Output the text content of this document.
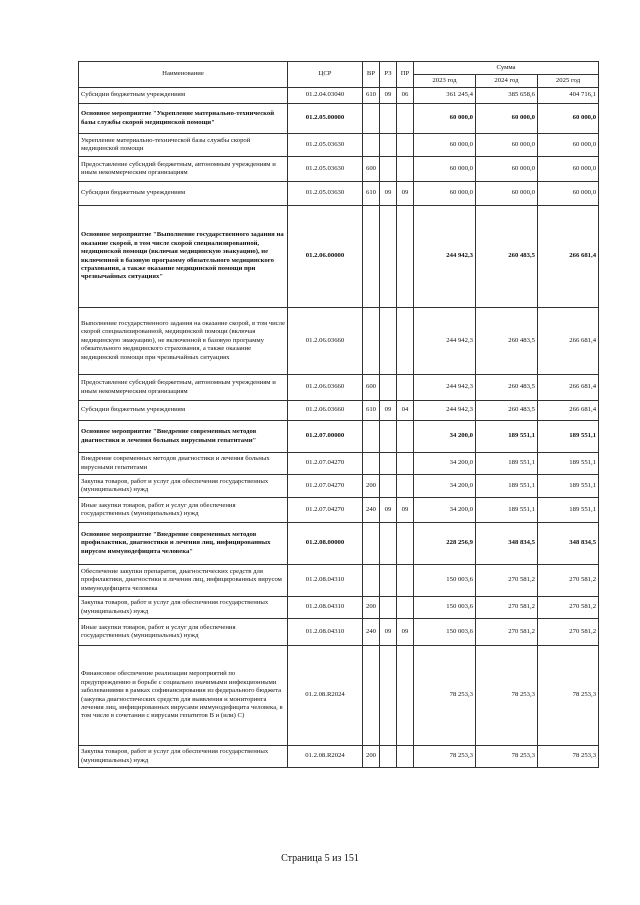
Наименование	ЦСР	ВР	РЗ	ПР	Сумма		
					2023 год	2024 год	2025 год
Субсидии бюджетным учреждениям	01.2.04.03040	610	09	06	361 245,4	385 658,6	404 716,1
Основное мероприятие "Укрепление материально-технической базы службы скорой медицинской помощи"	01.2.05.00000				60 000,0	60 000,0	60 000,0
Укрепление материально-технической базы службы скорой медицинской помощи	01.2.05.03630				60 000,0	60 000,0	60 000,0
Предоставление субсидий бюджетным, автономным учреждениям и иным некоммерческим организациям	01.2.05.03630	600			60 000,0	60 000,0	60 000,0
Субсидии бюджетным учреждениям	01.2.05.03630	610	09	09	60 000,0	60 000,0	60 000,0
Основное мероприятие "Выполнение государственного задания на оказание скорой, в том числе скорой специализированной, медицинской помощи (включая медицинскую эвакуацию), не включенной в базовую программу обязательного медицинского страхования, а также оказание медицинской помощи при чрезвычайных ситуациях"	01.2.06.00000				244 942,3	260 483,5	266 681,4
Выполнение государственного задания на оказание скорой, в том числе скорой специализированной, медицинской помощи (включая медицинскую эвакуацию), не включенной в базовую программу обязательного медицинского страхования, а также оказание медицинской помощи при чрезвычайных ситуациях	01.2.06.03660				244 942,3	260 483,5	266 681,4
Предоставление субсидий бюджетным, автономным учреждениям и иным некоммерческим организациям	01.2.06.03660	600			244 942,3	260 483,5	266 681,4
Субсидии бюджетным учреждениям	01.2.06.03660	610	09	04	244 942,3	260 483,5	266 681,4
Основное мероприятие "Внедрение современных методов диагностики и лечения больных вирусными гепатитами"	01.2.07.00000				34 200,0	189 551,1	189 551,1
Внедрение современных методов диагностики и лечения больных вирусными гепатитами	01.2.07.04270				34 200,0	189 551,1	189 551,1
Закупка товаров, работ и услуг для обеспечения государственных (муниципальных) нужд	01.2.07.04270	200			34 200,0	189 551,1	189 551,1
Иные закупки товаров, работ и услуг для обеспечения государственных (муниципальных) нужд	01.2.07.04270	240	09	09	34 200,0	189 551,1	189 551,1
Основное мероприятие "Внедрение современных методов профилактики, диагностики и лечения лиц, инфицированных вирусом иммунодефицита человека"	01.2.08.00000				228 256,9	348 834,5	348 834,5
Обеспечение закупки препаратов, диагностических средств для профилактики, диагностики и лечения лиц, инфицированных вирусом иммунодефицита человека	01.2.08.04310				150 003,6	270 581,2	270 581,2
Закупка товаров, работ и услуг для обеспечения государственных (муниципальных) нужд	01.2.08.04310	200			150 003,6	270 581,2	270 581,2
Иные закупки товаров, работ и услуг для обеспечения государственных (муниципальных) нужд	01.2.08.04310	240	09	09	150 003,6	270 581,2	270 581,2
Финансовое обеспечение реализации мероприятий по предупреждению и борьбе с социально значимыми инфекционными заболеваниями в рамках софинансирования из федерального бюджета (закупка диагностических средств для выявления и мониторинга лечения лиц, инфицированных вирусами иммунодефицита человека, в том числе в сочетании с вирусами гепатитов B и (или) C)	01.2.08.R2024				78 253,3	78 253,3	78 253,3
Закупка товаров, работ и услуг для обеспечения государственных (муниципальных) нужд	01.2.08.R2024	200			78 253,3	78 253,3	78 253,3
Страница 5 из 151
